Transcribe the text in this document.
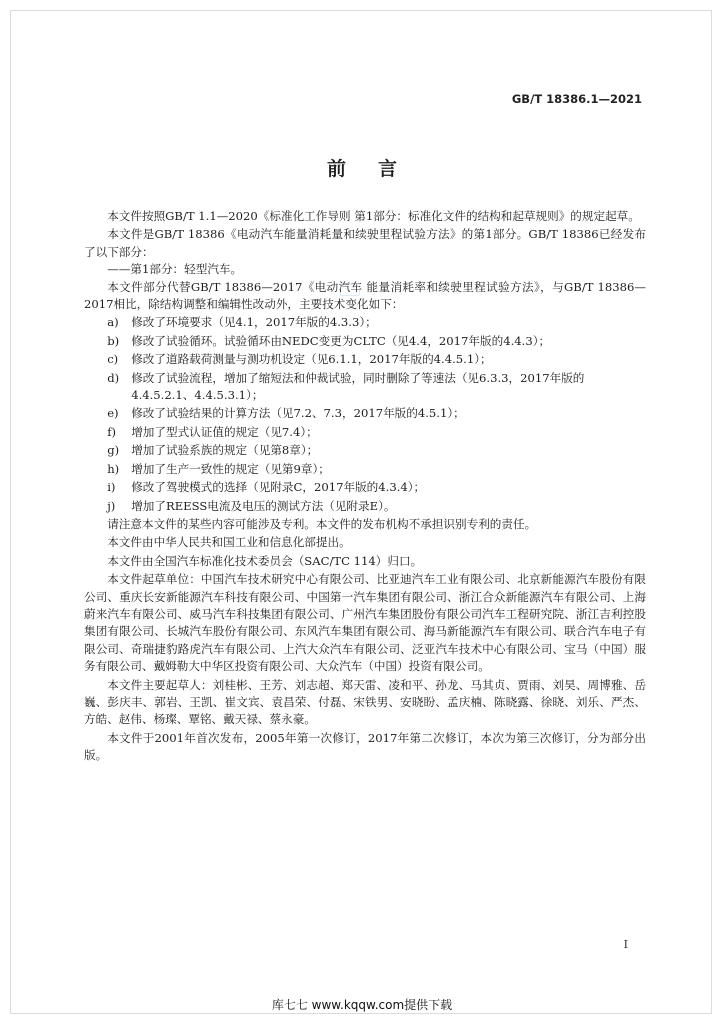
GB/T 18386.1—2021
前言

本文件按照GB/T 1.1—2020《标准化工作导则 第1部分：标准化文件的结构和起草规则》的规定起草。

本文件是GB/T 18386《电动汽车能量消耗量和续驶里程试验方法》的第1部分。GB/T 18386已经发布了以下部分：

——第1部分：轻型汽车。

本文件部分代替GB/T 18386—2017《电动汽车 能量消耗率和续驶里程试验方法》，与GB/T 18386—2017相比，除结构调整和编辑性改动外，主要技术变化如下：

a)	修改了环境要求（见4.1，2017年版的4.3.3）；
b)	修改了试验循环。试验循环由NEDC变更为CLTC（见4.4，2017年版的4.4.3）；
c)	修改了道路载荷测量与测功机设定（见6.1.1，2017年版的4.4.5.1）；
d)	修改了试验流程，增加了缩短法和仲裁试验，同时删除了等速法（见6.3.3，2017年版的4.4.5.2.1、4.4.5.3.1）；
e)	修改了试验结果的计算方法（见7.2、7.3，2017年版的4.5.1）；
f)	增加了型式认证值的规定（见7.4）；
g)	增加了试验系族的规定（见第8章）；
h)	增加了生产一致性的规定（见第9章）；
i)	修改了驾驶模式的选择（见附录C，2017年版的4.3.4）；
j)	增加了REESS电流及电压的测试方法（见附录E）。

请注意本文件的某些内容可能涉及专利。本文件的发布机构不承担识别专利的责任。

本文件由中华人民共和国工业和信息化部提出。

本文件由全国汽车标准化技术委员会（SAC/TC 114）归口。

本文件起草单位：中国汽车技术研究中心有限公司、比亚迪汽车工业有限公司、北京新能源汽车股份有限公司、重庆长安新能源汽车科技有限公司、中国第一汽车集团有限公司、浙江合众新能源汽车有限公司、上海蔚来汽车有限公司、威马汽车科技集团有限公司、广州汽车集团股份有限公司汽车工程研究院、浙江吉利控股集团有限公司、长城汽车股份有限公司、东风汽车集团有限公司、海马新能源汽车有限公司、联合汽车电子有限公司、奇瑞捷豹路虎汽车有限公司、上汽大众汽车有限公司、泛亚汽车技术中心有限公司、宝马（中国）服务有限公司、戴姆勒大中华区投资有限公司、大众汽车（中国）投资有限公司。

本文件主要起草人：刘桂彬、王芳、刘志超、郑天雷、凌和平、孙龙、马其贞、贾雨、刘昊、周博雅、岳巍、彭庆丰、郭岩、王凯、崔文宾、袁昌荣、付磊、宋铁男、安晓盼、孟庆楠、陈晓露、徐晓、刘乐、严杰、方皓、赵伟、杨璨、覃铭、戴天禄、蔡永豪。

本文件于2001年首次发布，2005年第一次修订，2017年第二次修订，本次为第三次修订，分为部分出版。

I
库七七 www.kqqw.com提供下载
